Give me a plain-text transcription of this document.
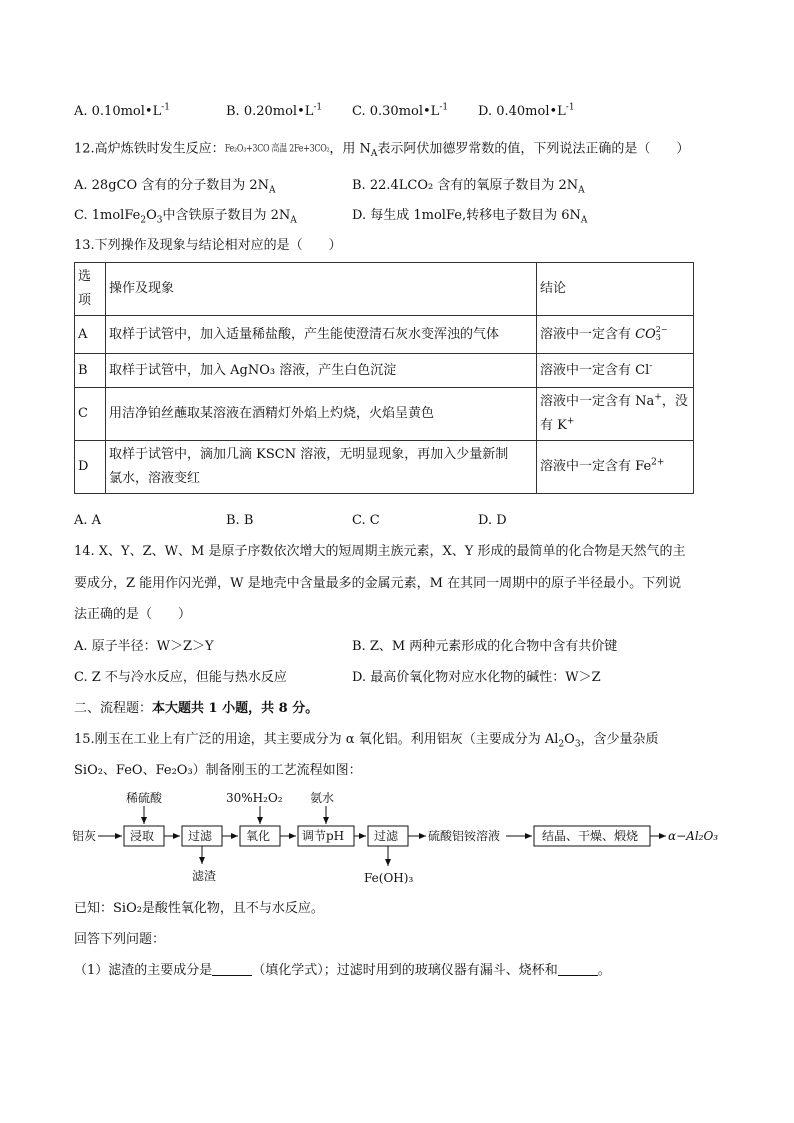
A. $0.10mol•L^{-1}$	B. $0.20mol•L^{-1}$ C. $0.30mol•L^{-1}$ D. $0.40mol•L^{-1}$
12.高炉炼铁时发生反应：Fe₂O₃+3CO 高温 2Fe+3CO₂，用 $N_A$表示阿伏加德罗常数的值，下列说法正确的是（　　）
A. 28gCO 含有的分子数目为 $2N_A$	B. 22.4LCO₂ 含有的氧原子数目为 $2N_A$
C. $1molFe_2O_3$中含铁原子数目为 $2N_A$	D. 每生成 1molFe,转移电子数目为 $6N_A$
13.下列操作及现象与结论相对应的是（　　）
选项	操作及现象	结论
A	取样于试管中，加入适量稀盐酸，产生能使澄清石灰水变浑浊的气体	溶液中一定含有 CO 2−
3

B	取样于试管中，加入 AgNO₃ 溶液，产生白色沉淀	溶液中一定含有 Cl-
C	用洁净铂丝蘸取某溶液在酒精灯外焰上灼烧，火焰呈黄色	溶液中一定含有 Na+，没
有 K+

D	取样于试管中，滴加几滴 KSCN 溶液，无明显现象，再加入少量新制
氯水，溶液变红	溶液中一定含有 $Fe^{2+}$
A. A	B. B	C. C	D. D
14. X、Y、Z、W、M 是原子序数依次增大的短周期主族元素，X、Y 形成的最简单的化合物是天然气的主
要成分，Z 能用作闪光弹，W 是地壳中含量最多的金属元素，M 在其同一周期中的原子半径最小。下列说
法正确的是（　　）
A. 原子半径：W＞Z＞Y	B. Z、M 两种元素形成的化合物中含有共价键
C. Z 不与冷水反应，但能与热水反应	D. 最高价氧化物对应水化物的碱性：W＞Z
二、流程题：本大题共 1 小题，共 8 分。
15.刚玉在工业上有广泛的用途，其主要成分为 α 氧化铝。利用铝灰（主要成分为 $Al_2O_3$，含少量杂质
SiO₂、FeO、Fe₂O₃）制备刚玉的工艺流程如图：
铝灰	浸取
稀硫酸
过滤
滤渣
氧化
30%H₂O₂
调节pH
氨水
过滤
Fe(OH)₃
硫酸铝铵溶液	结晶、干燥、煅烧 α−Al₂O₃
已知：SiO₂是酸性氧化物，且不与水反应。
回答下列问题：
（1）滤渣的主要成分是	（填化学式）；过滤时用到的玻璃仪器有漏斗、烧杯和	。
